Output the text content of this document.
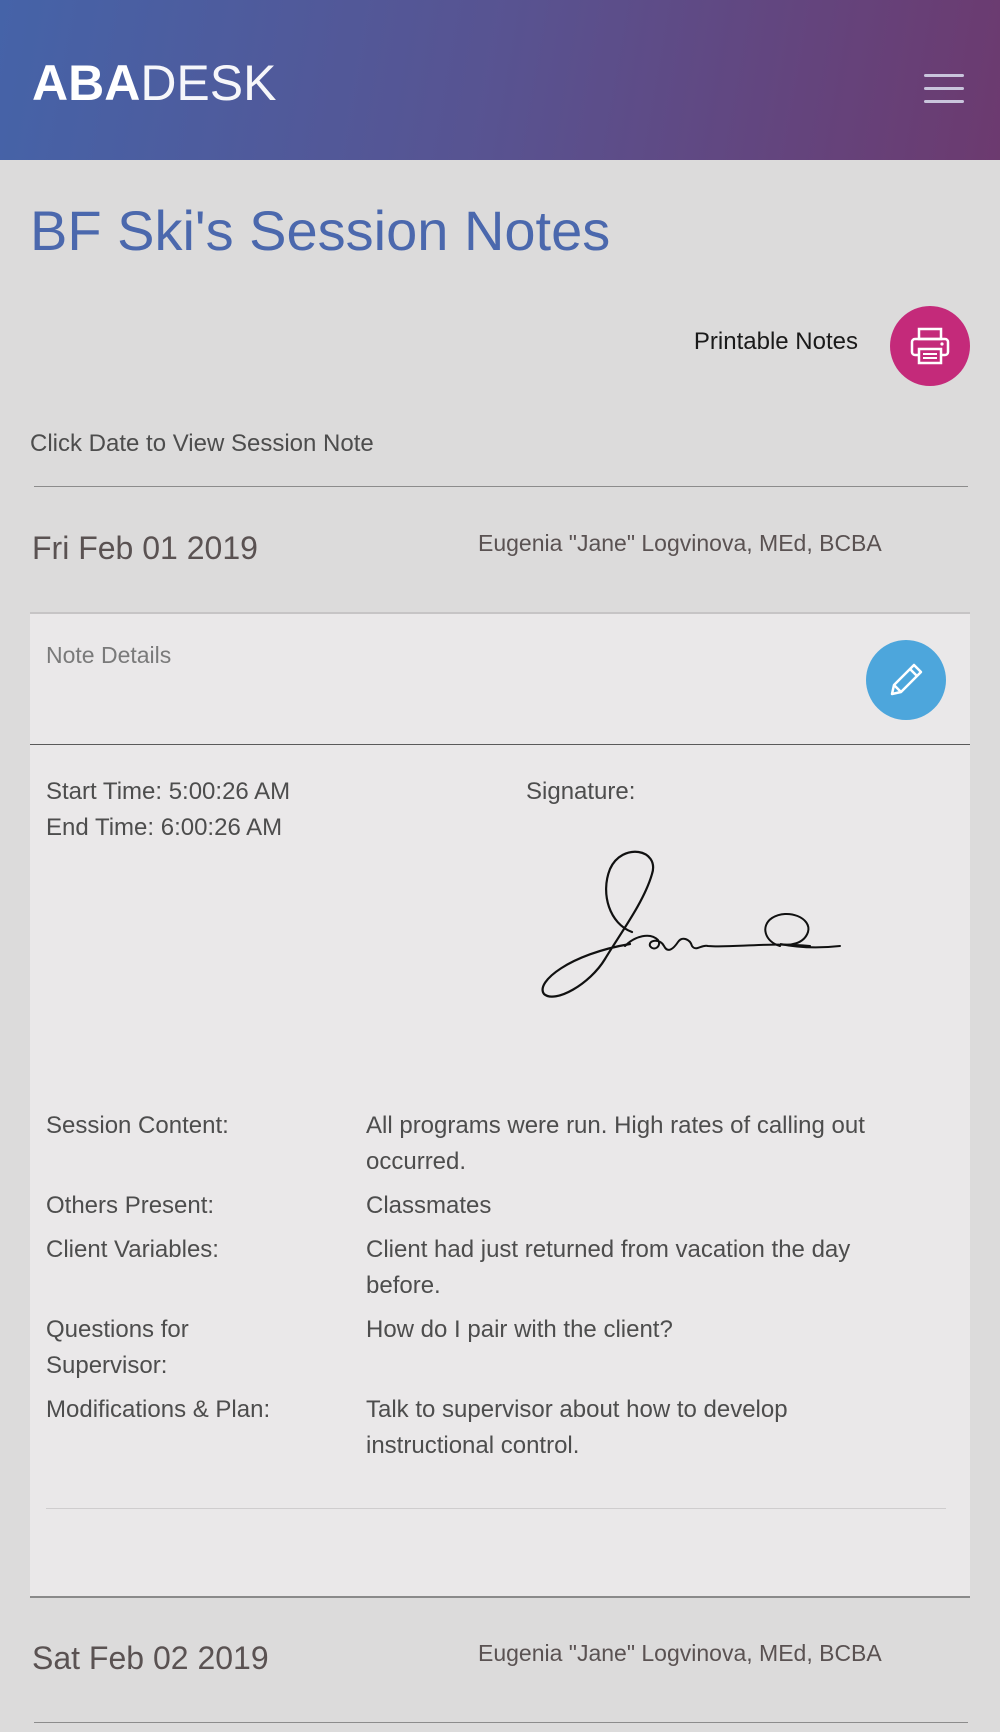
ABADESK
BF Ski's Session Notes
Printable Notes
Click Date to View Session Note
Fri Feb 01 2019	Eugenia "Jane" Logvinova, MEd, BCBA
Note Details
Start Time: 5:00:26 AM
End Time: 6:00:26 AM
Signature:
Session Content:	All programs were run. High rates of calling out occurred.
Others Present:	Classmates
Client Variables:	Client had just returned from vacation the day before.
Questions for Supervisor:
How do I pair with the client?
Modifications & Plan:	Talk to supervisor about how to develop instructional control.
Sat Feb 02 2019	Eugenia "Jane" Logvinova, MEd, BCBA
